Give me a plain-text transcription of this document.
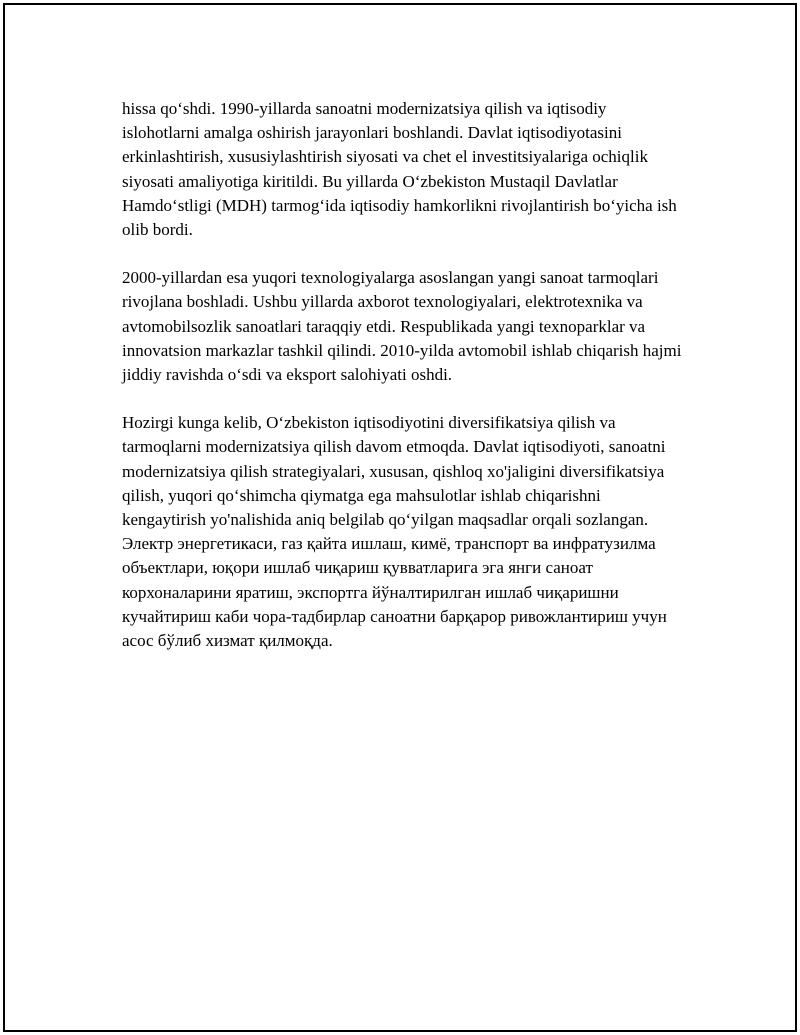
hissa qo‘shdi. 1990-yillarda sanoatni modernizatsiya qilish va iqtisodiy islohotlarni amalga oshirish jarayonlari boshlandi. Davlat iqtisodiyotasini erkinlashtirish, xususiylashtirish siyosati va chet el investitsiyalariga ochiqlik siyosati amaliyotiga kiritildi. Bu yillarda O‘zbekiston Mustaqil Davlatlar Hamdo‘stligi (MDH) tarmog‘ida iqtisodiy hamkorlikni rivojlantirish bo‘yicha ish olib bordi.

2000-yillardan esa yuqori texnologiyalarga asoslangan yangi sanoat tarmoqlari rivojlana boshladi. Ushbu yillarda axborot texnologiyalari, elektrotexnika va avtomobilsozlik sanoatlari taraqqiy etdi. Respublikada yangi texnoparklar va innovatsion markazlar tashkil qilindi. 2010-yilda avtomobil ishlab chiqarish hajmi jiddiy ravishda o‘sdi va eksport salohiyati oshdi.

Hozirgi kunga kelib, O‘zbekiston iqtisodiyotini diversifikatsiya qilish va tarmoqlarni modernizatsiya qilish davom etmoqda. Davlat iqtisodiyoti, sanoatni modernizatsiya qilish strategiyalari, xususan, qishloq xo'jaligini diversifikatsiya qilish, yuqori qo‘shimcha qiymatga ega mahsulotlar ishlab chiqarishni kengaytirish yo'nalishida aniq belgilab qo‘yilgan maqsadlar orqali sozlangan. Электр энергетикаси, газ қайта ишлаш, кимё, транспорт ва инфратузилма объектлари, юқори ишлаб чиқариш қувватларига эга янги саноат корхоналарини яратиш, экспортга йўналтирилган ишлаб чиқаришни кучайтириш каби чора-тадбирлар саноатни барқарор ривожлантириш учун асос бўлиб хизмат қилмоқда.
